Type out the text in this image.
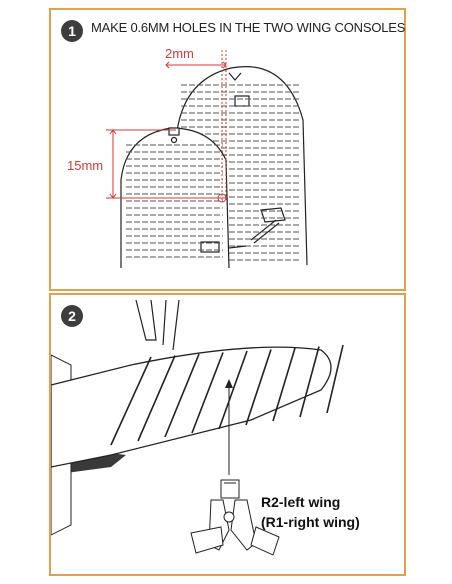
1	MAKE 0.6MM HOLES IN THE TWO WING CONSOLES
2mm
15mm
2
R2-left wing
(R1-right wing)
